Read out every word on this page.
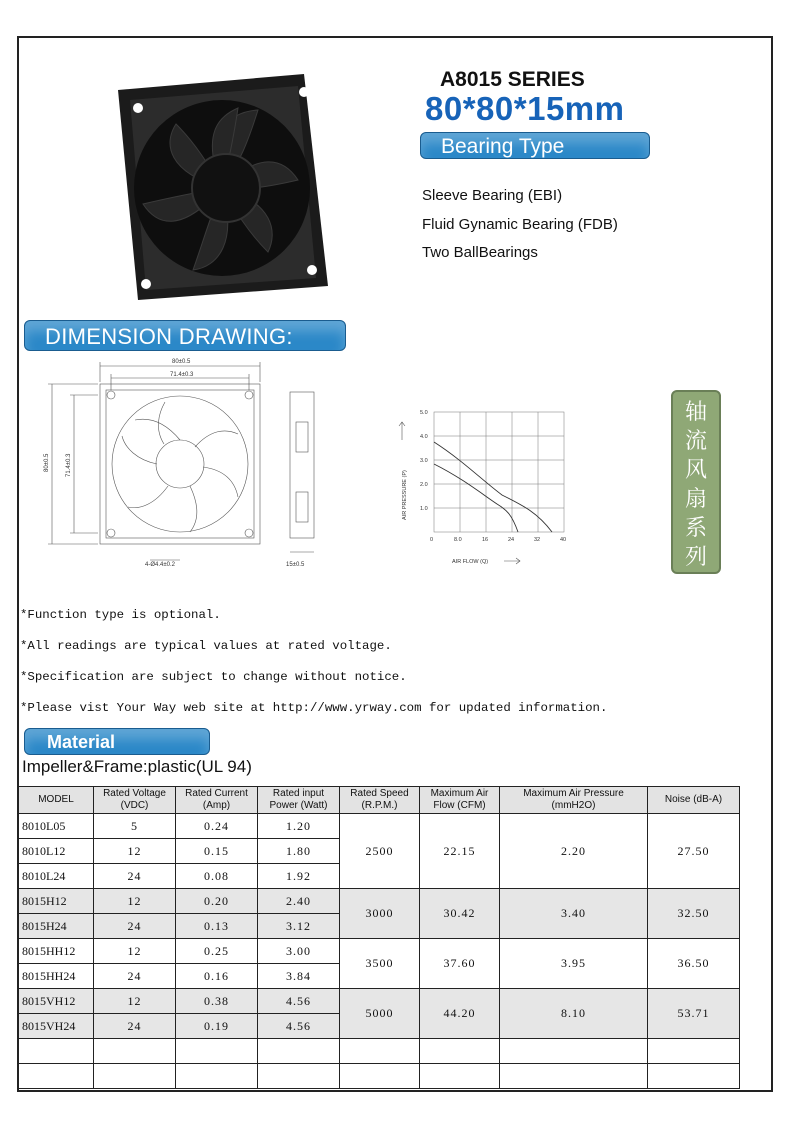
A8015 SERIES
80*80*15mm
Bearing Type
Sleeve Bearing (EBI)
Fluid Gynamic Bearing (FDB)
Two BallBearings
DIMENSION DRAWING:
80±0.5
71.4±0.3
80±0.5	71.4±0.3
4-Ø4.4±0.2	15±0.5
5.0
4.0
3.0
2.0
1.0
0	8.0	16	24	32	40
AIR PRESSURE (P)
AIR FLOW (Q)
轴
流
风
扇
系
列
*Function type is optional.
*All readings are typical values at rated voltage.
*Specification are subject to change without notice.
*Please vist Your Way web site at http://www.yrway.com for updated information.
Material
Impeller&Frame:plastic(UL 94)
MODEL	Rated Voltage (VDC)	Rated Current (Amp)	Rated input Power (Watt)	Rated Speed (R.P.M.)	Maximum Air Flow (CFM)	Maximum Air Pressure (mmH2O)	Noise (dB-A)
8010L05	5	0.24	1.20	2500	22.15	2.20	27.50
8010L12	12	0.15	1.80				
8010L24	24	0.08	1.92				
8015H12	12	0.20	2.40	3000	30.42	3.40	32.50
8015H24	24	0.13	3.12				
8015HH12	12	0.25	3.00	3500	37.60	3.95	36.50
8015HH24	24	0.16	3.84				
8015VH12	12	0.38	4.56	5000	44.20	8.10	53.71
8015VH24	24	0.19	4.56				
